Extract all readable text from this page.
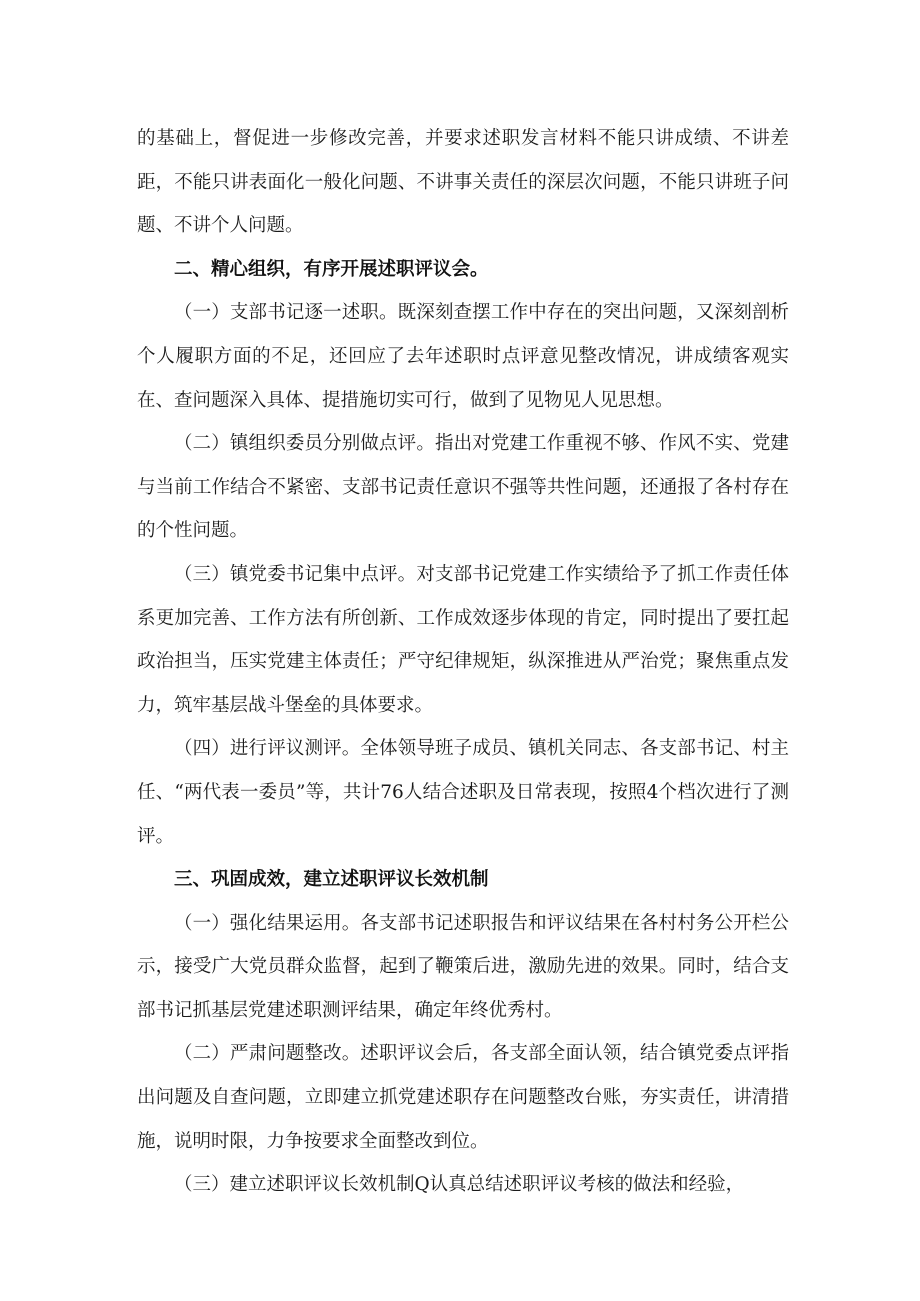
的基础上，督促进一步修改完善，并要求述职发言材料不能只讲成绩、不讲差距，不能只讲表面化一般化问题、不讲事关责任的深层次问题，不能只讲班子问题、不讲个人问题。

二、精心组织，有序开展述职评议会。

（一）支部书记逐一述职。既深刻查摆工作中存在的突出问题，又深刻剖析个人履职方面的不足，还回应了去年述职时点评意见整改情况，讲成绩客观实在、查问题深入具体、提措施切实可行，做到了见物见人见思想。

（二）镇组织委员分别做点评。指出对党建工作重视不够、作风不实、党建与当前工作结合不紧密、支部书记责任意识不强等共性问题，还通报了各村存在的个性问题。

（三）镇党委书记集中点评。对支部书记党建工作实绩给予了抓工作责任体系更加完善、工作方法有所创新、工作成效逐步体现的肯定，同时提出了要扛起政治担当，压实党建主体责任；严守纪律规矩，纵深推进从严治党；聚焦重点发力，筑牢基层战斗堡垒的具体要求。

（四）进行评议测评。全体领导班子成员、镇机关同志、各支部书记、村主任、“两代表一委员”等，共计76人结合述职及日常表现，按照4个档次进行了测评。

三、巩固成效，建立述职评议长效机制

（一）强化结果运用。各支部书记述职报告和评议结果在各村村务公开栏公示，接受广大党员群众监督，起到了鞭策后进，激励先进的效果。同时，结合支部书记抓基层党建述职测评结果，确定年终优秀村。

（二）严肃问题整改。述职评议会后，各支部全面认领，结合镇党委点评指出问题及自查问题，立即建立抓党建述职存在问题整改台账，夯实责任，讲清措施，说明时限，力争按要求全面整改到位。

（三）建立述职评议长效机制Q认真总结述职评议考核的做法和经验，
